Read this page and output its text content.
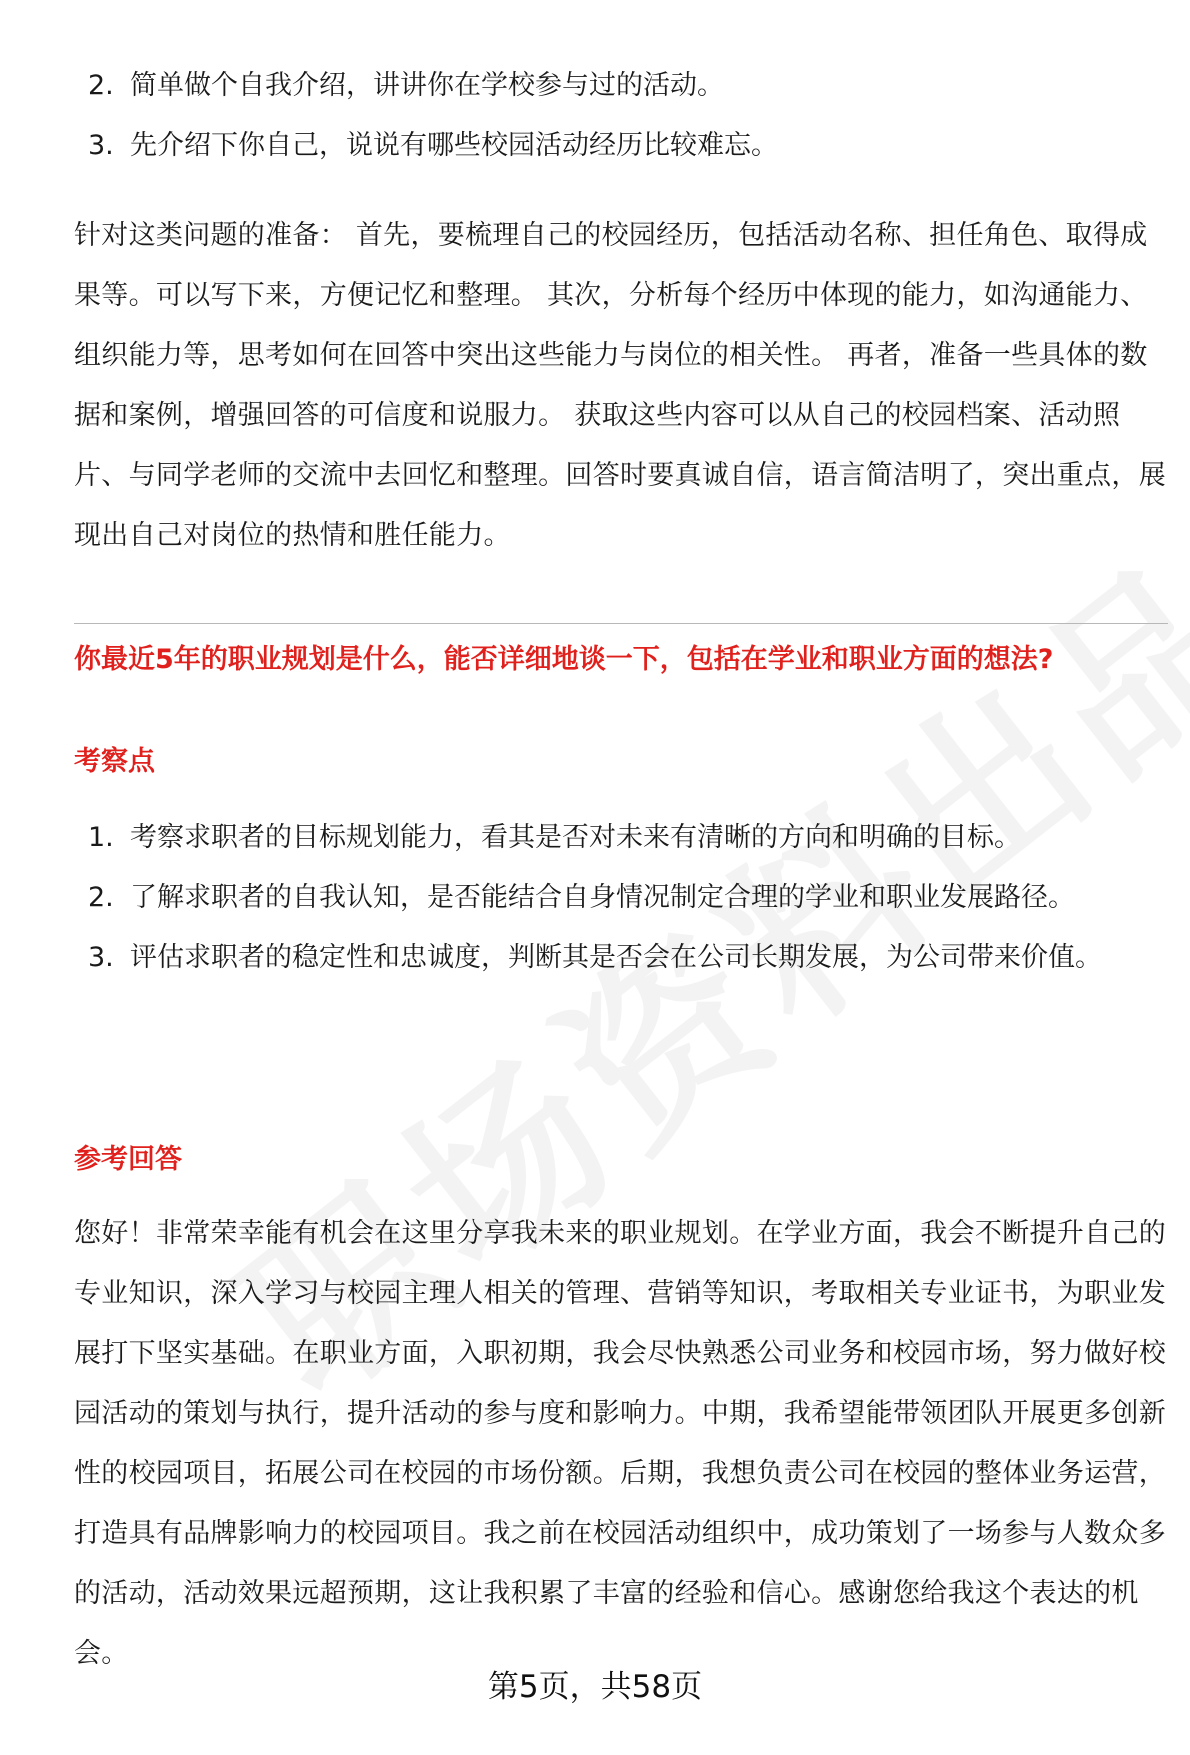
2. 简单做个自我介绍，讲讲你在学校参与过的活动。
3. 先介绍下你自己，说说有哪些校园活动经历比较难忘。

针对这类问题的准备： 首先，要梳理自己的校园经历，包括活动名称、担任角色、取得成果等。可以写下来，方便记忆和整理。 其次，分析每个经历中体现的能力，如沟通能力、组织能力等，思考如何在回答中突出这些能力与岗位的相关性。 再者，准备一些具体的数据和案例，增强回答的可信度和说服力。 获取这些内容可以从自己的校园档案、活动照片、与同学老师的交流中去回忆和整理。回答时要真诚自信，语言简洁明了，突出重点，展现出自己对岗位的热情和胜任能力。

你最近5年的职业规划是什么，能否详细地谈一下，包括在学业和职业方面的想法?

考察点

1. 考察求职者的目标规划能力，看其是否对未来有清晰的方向和明确的目标。
2. 了解求职者的自我认知，是否能结合自身情况制定合理的学业和职业发展路径。
3. 评估求职者的稳定性和忠诚度，判断其是否会在公司长期发展，为公司带来价值。

参考回答

您好！非常荣幸能有机会在这里分享我未来的职业规划。在学业方面，我会不断提升自己的专业知识，深入学习与校园主理人相关的管理、营销等知识，考取相关专业证书，为职业发展打下坚实基础。在职业方面，入职初期，我会尽快熟悉公司业务和校园市场，努力做好校园活动的策划与执行，提升活动的参与度和影响力。中期，我希望能带领团队开展更多创新性的校园项目，拓展公司在校园的市场份额。后期，我想负责公司在校园的整体业务运营，打造具有品牌影响力的校园项目。我之前在校园活动组织中，成功策划了一场参与人数众多的活动，活动效果远超预期，这让我积累了丰富的经验和信心。感谢您给我这个表达的机会。

第5页，共58页
